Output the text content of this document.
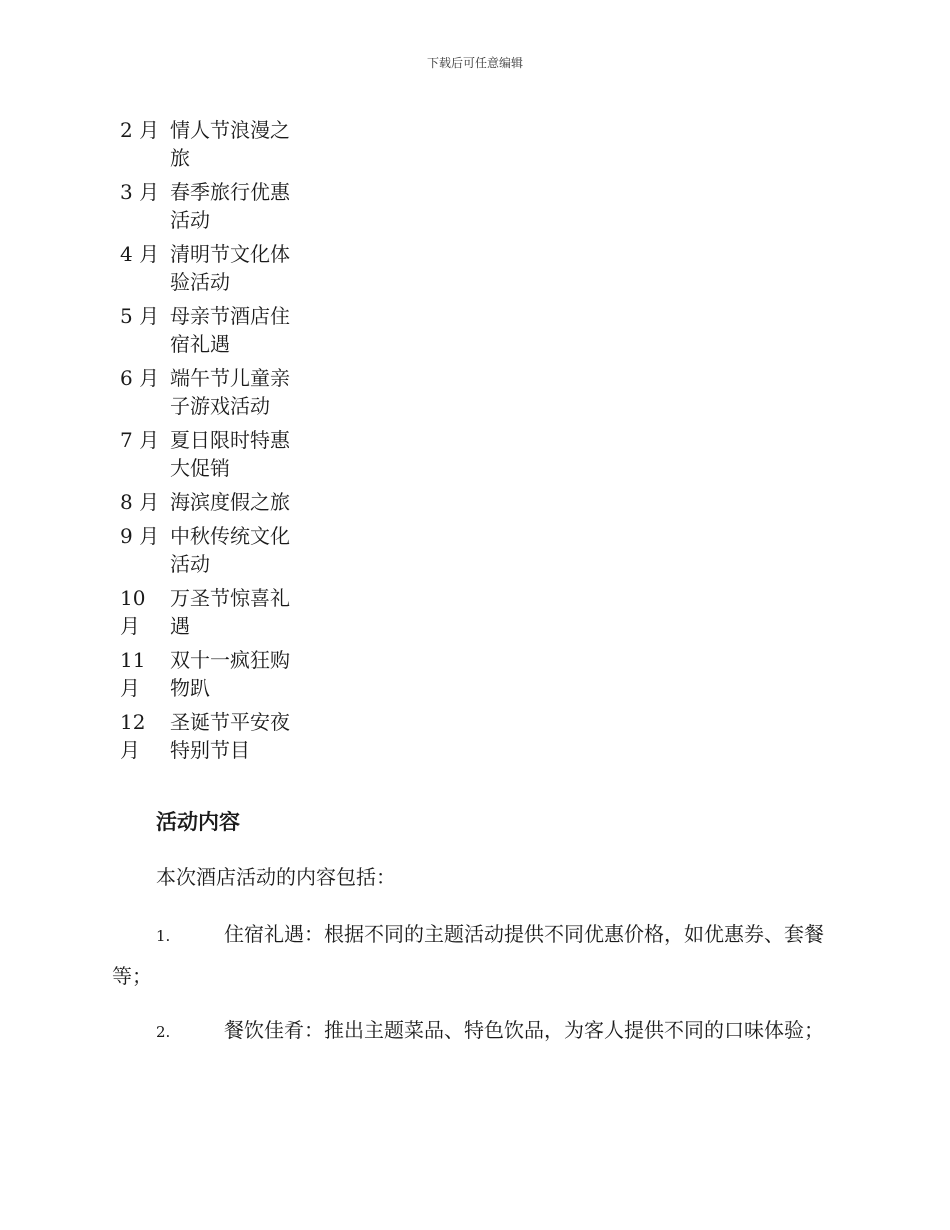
下载后可任意编辑
2 月 情人节浪漫之旅
3 月 春季旅行优惠活动
4 月 清明节文化体验活动
5 月 母亲节酒店住宿礼遇
6 月 端午节儿童亲子游戏活动
7 月 夏日限时特惠大促销
8 月 海滨度假之旅
9 月 中秋传统文化活动
10 月
万圣节惊喜礼遇
11 月
双十一疯狂购物趴
12 月
圣诞节平安夜特别节目
活动内容
本次酒店活动的内容包括：
1.	住宿礼遇：根据不同的主题活动提供不同优惠价格，如优惠券、套餐等；
2.	餐饮佳肴：推出主题菜品、特色饮品，为客人提供不同的口味体验；
